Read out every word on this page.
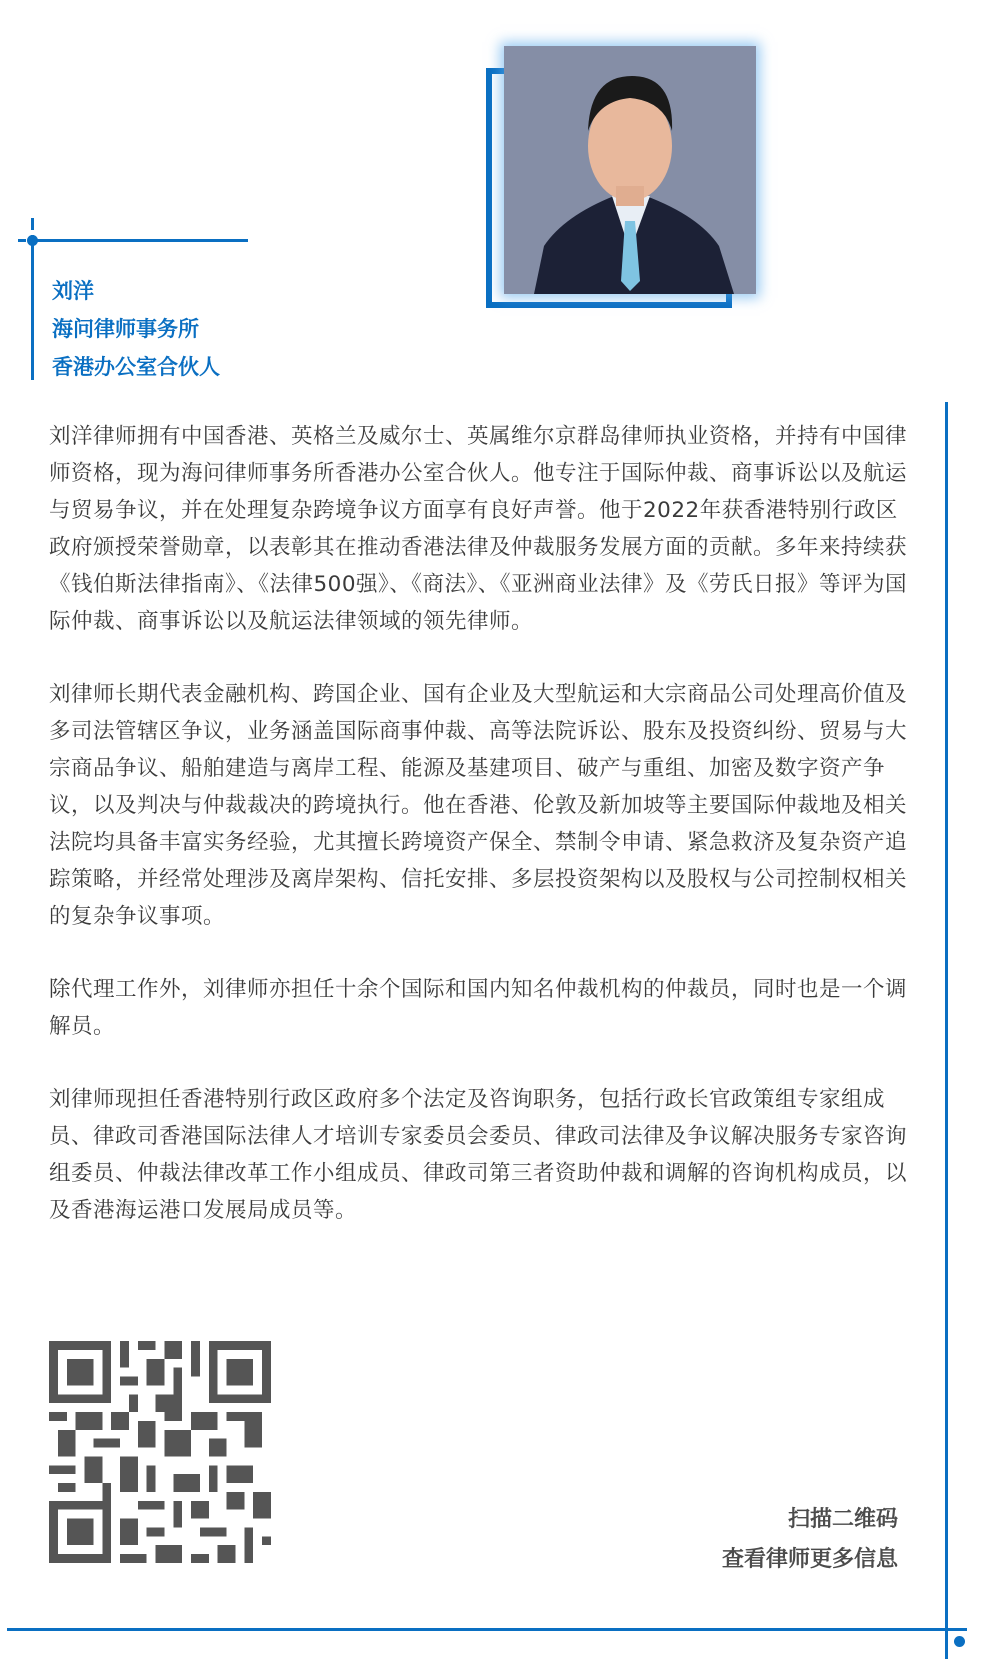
刘洋
海问律师事务所
香港办公室合伙人

刘洋律师拥有中国香港、英格兰及威尔士、英属维尔京群岛律师执业资格，并持有中国律师资格，现为海问律师事务所香港办公室合伙人。他专注于国际仲裁、商事诉讼以及航运与贸易争议，并在处理复杂跨境争议方面享有良好声誉。他于2022年获香港特别行政区政府颁授荣誉勋章，以表彰其在推动香港法律及仲裁服务发展方面的贡献。多年来持续获《钱伯斯法律指南》、《法律500强》、《商法》、《亚洲商业法律》及《劳氏日报》等评为国际仲裁、商事诉讼以及航运法律领域的领先律师。

刘律师长期代表金融机构、跨国企业、国有企业及大型航运和大宗商品公司处理高价值及多司法管辖区争议，业务涵盖国际商事仲裁、高等法院诉讼、股东及投资纠纷、贸易与大宗商品争议、船舶建造与离岸工程、能源及基建项目、破产与重组、加密及数字资产争议，以及判决与仲裁裁决的跨境执行。他在香港、伦敦及新加坡等主要国际仲裁地及相关法院均具备丰富实务经验，尤其擅长跨境资产保全、禁制令申请、紧急救济及复杂资产追踪策略，并经常处理涉及离岸架构、信托安排、多层投资架构以及股权与公司控制权相关的复杂争议事项。

除代理工作外，刘律师亦担任十余个国际和国内知名仲裁机构的仲裁员，同时也是一个调解员。

刘律师现担任香港特别行政区政府多个法定及咨询职务，包括行政长官政策组专家组成员、律政司香港国际法律人才培训专家委员会委员、律政司法律及争议解决服务专家咨询组委员、仲裁法律改革工作小组成员、律政司第三者资助仲裁和调解的咨询机构成员，以及香港海运港口发展局成员等。

扫描二维码
查看律师更多信息
